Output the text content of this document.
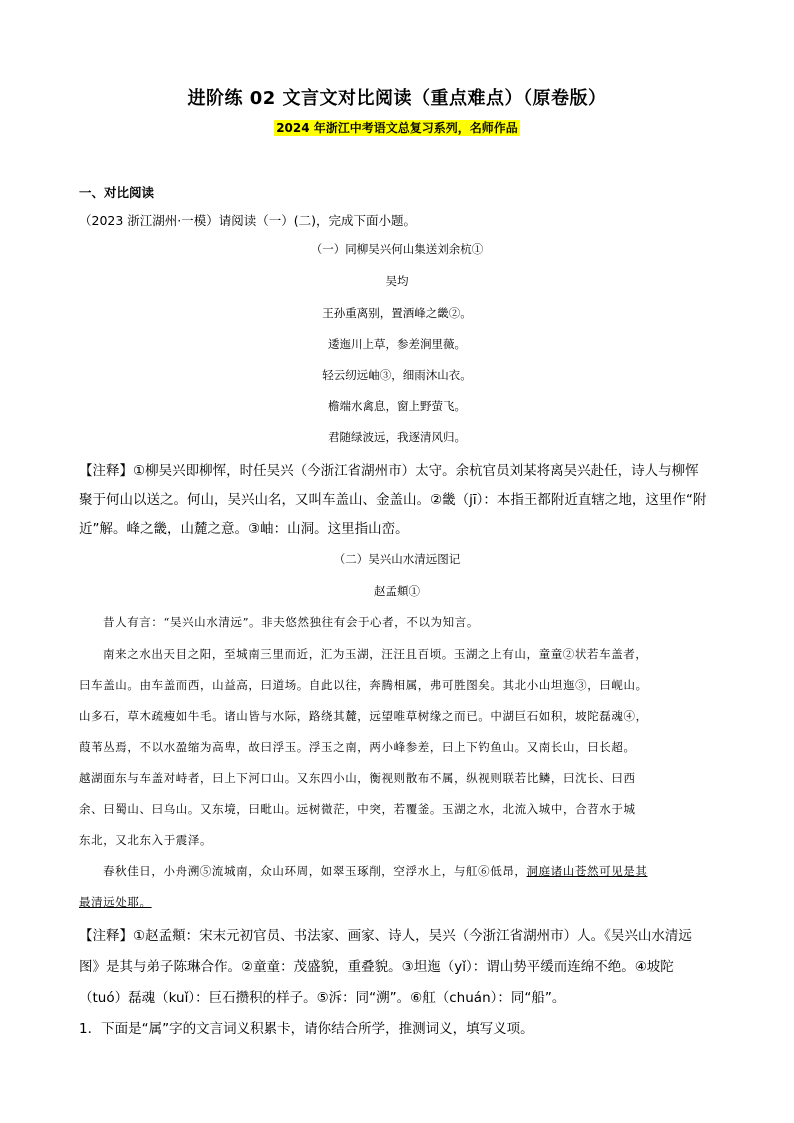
进阶练 02 文言文对比阅读（重点难点）（原卷版）
2024 年浙江中考语文总复习系列，名师作品
一、对比阅读
（2023 浙江湖州·一模）请阅读（一）(二)，完成下面小题。
（一）同柳吴兴何山集送刘余杭①
吴均
王孙重离别，置酒峰之畿②。
逶迤川上草，参差涧里薇。
轻云纫远岫③，细雨沐山衣。
檐端水禽息，窗上野萤飞。
君随绿波远，我逐清风归。
【注释】①柳吴兴即柳恽，时任吴兴（今浙江省湖州市）太守。余杭官员刘某将离吴兴赴任，诗人与柳恽
聚于何山以送之。何山，吴兴山名，又叫车盖山、金盖山。②畿（jī）：本指王都附近直辖之地，这里作“附
近”解。峰之畿，山麓之意。③岫：山洞。这里指山峦。
（二）吴兴山水清远图记
赵孟頫①
昔人有言：“吴兴山水清远”。非夫悠然独往有会于心者，不以为知言。
南来之水出天目之阳，至城南三里而近，汇为玉湖，汪汪且百顷。玉湖之上有山，童童②状若车盖者，
曰车盖山。由车盖而西，山益高，曰道场。自此以往，奔腾相属，弗可胜图矣。其北小山坦迤③，曰岘山。
山多石，草木疏瘦如牛毛。诸山皆与水际，路绕其麓，远望唯草树缘之而已。中湖巨石如积，坡陀磊魂④，
葭苇丛焉，不以水盈缩为高卑，故曰浮玉。浮玉之南，两小峰参差，曰上下钓鱼山。又南长山，曰长超。
越湖面东与车盖对峙者，曰上下河口山。又东四小山，衡视则散布不属，纵视则联若比鳞，曰沈长、曰西
余、曰蜀山、曰乌山。又东境，曰毗山。远树微茫，中突，若覆釜。玉湖之水，北流入城中，合苕水于城
东北，又北东入于震泽。
春秋佳日，小舟溯⑤流城南，众山环周，如翠玉琢削，空浮水上，与舡⑥低昂，洞庭诸山苍然可见是其
最清远处耶。
【注释】①赵孟頫：宋末元初官员、书法家、画家、诗人，吴兴（今浙江省湖州市）人。《吴兴山水清远
图》是其与弟子陈琳合作。②童童：茂盛貌，重叠貌。③坦迤（yǐ）：谓山势平缓而连绵不绝。④坡陀
（tuó）磊魂（kuǐ）：巨石攒积的样子。⑤泝：同“溯”。⑥舡（chuán）：同“船”。
1．下面是“属”字的文言词义积累卡，请你结合所学，推测词义，填写义项。
